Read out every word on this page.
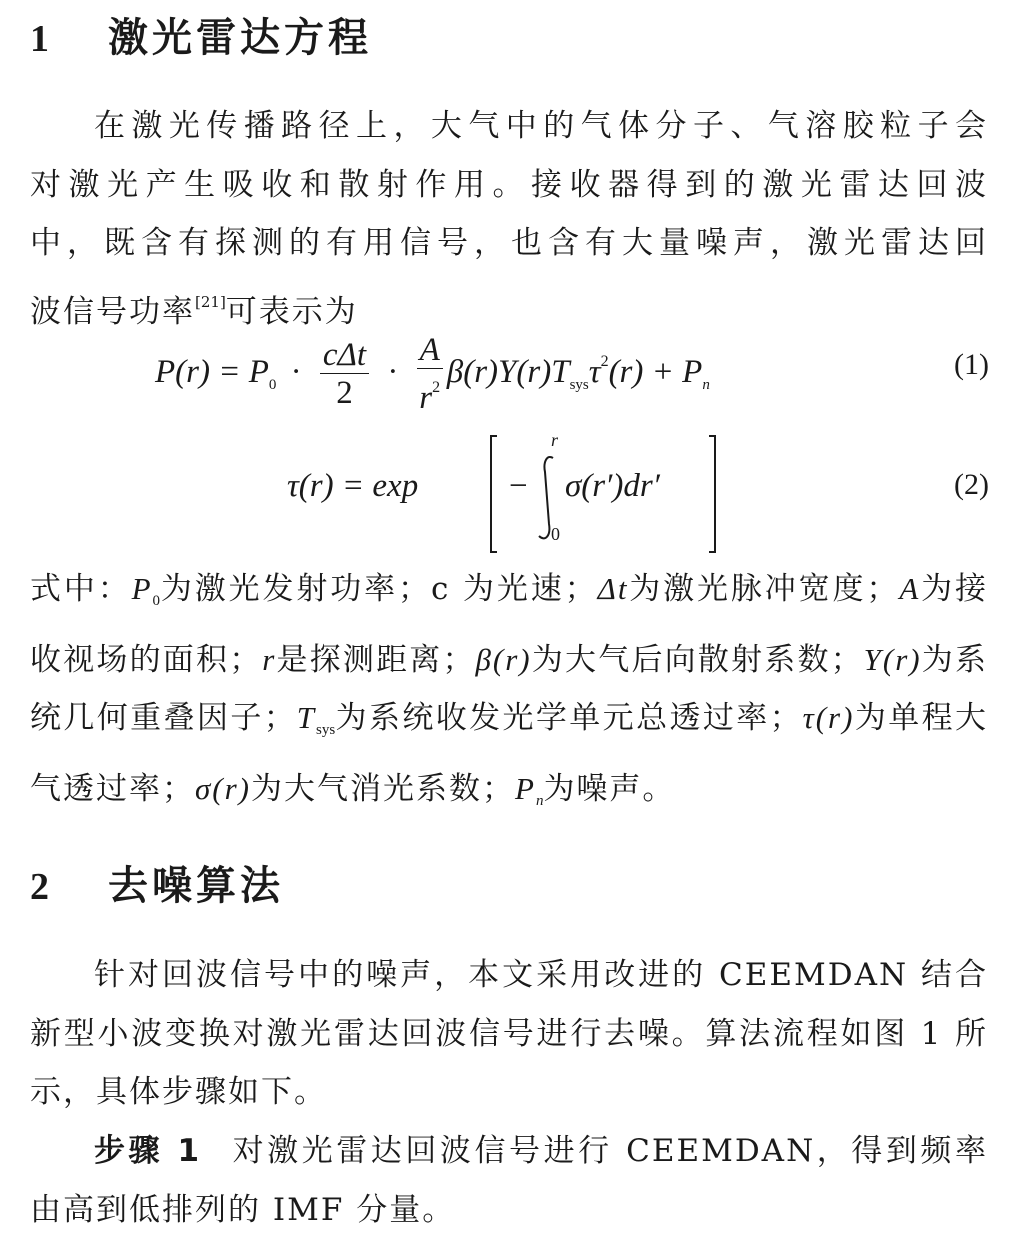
1 激光雷达方程
在激光传播路径上，大气中的气体分子、气溶胶粒子会
对激光产生吸收和散射作用。接收器得到的激光雷达回波
中，既含有探测的有用信号，也含有大量噪声，激光雷达回
波信号功率[21]可表示为
$P(r) = P_0 \cdot \frac{\text{cΔt}}{2} \cdot \frac{A}{r^2} \beta(r)Y(r)T_{sys}\tau^2(r) + P_n$
(1)
τ(r) = exp	−
r
0
σ(r′)dr′	(2)
式中：$P_0$为激光发射功率；c 为光速；Δt为激光脉冲宽度；A为接收视场的面积；r是探测距离；β(r)为大气后向散射系数；Y(r)为系统几何重叠因子；$T_{sys}$为系统收发光学单元总透过率；τ(r)为单程大气透过率；σ(r)为大气消光系数；$P_n$为噪声。
2 去噪算法
针对回波信号中的噪声，本文采用改进的 CEEMDAN 结合新型小波变换对激光雷达回波信号进行去噪。算法流程如图 1 所示，具体步骤如下。
步骤 1 对激光雷达回波信号进行 CEEMDAN，得到频率由高到低排列的 IMF 分量。
